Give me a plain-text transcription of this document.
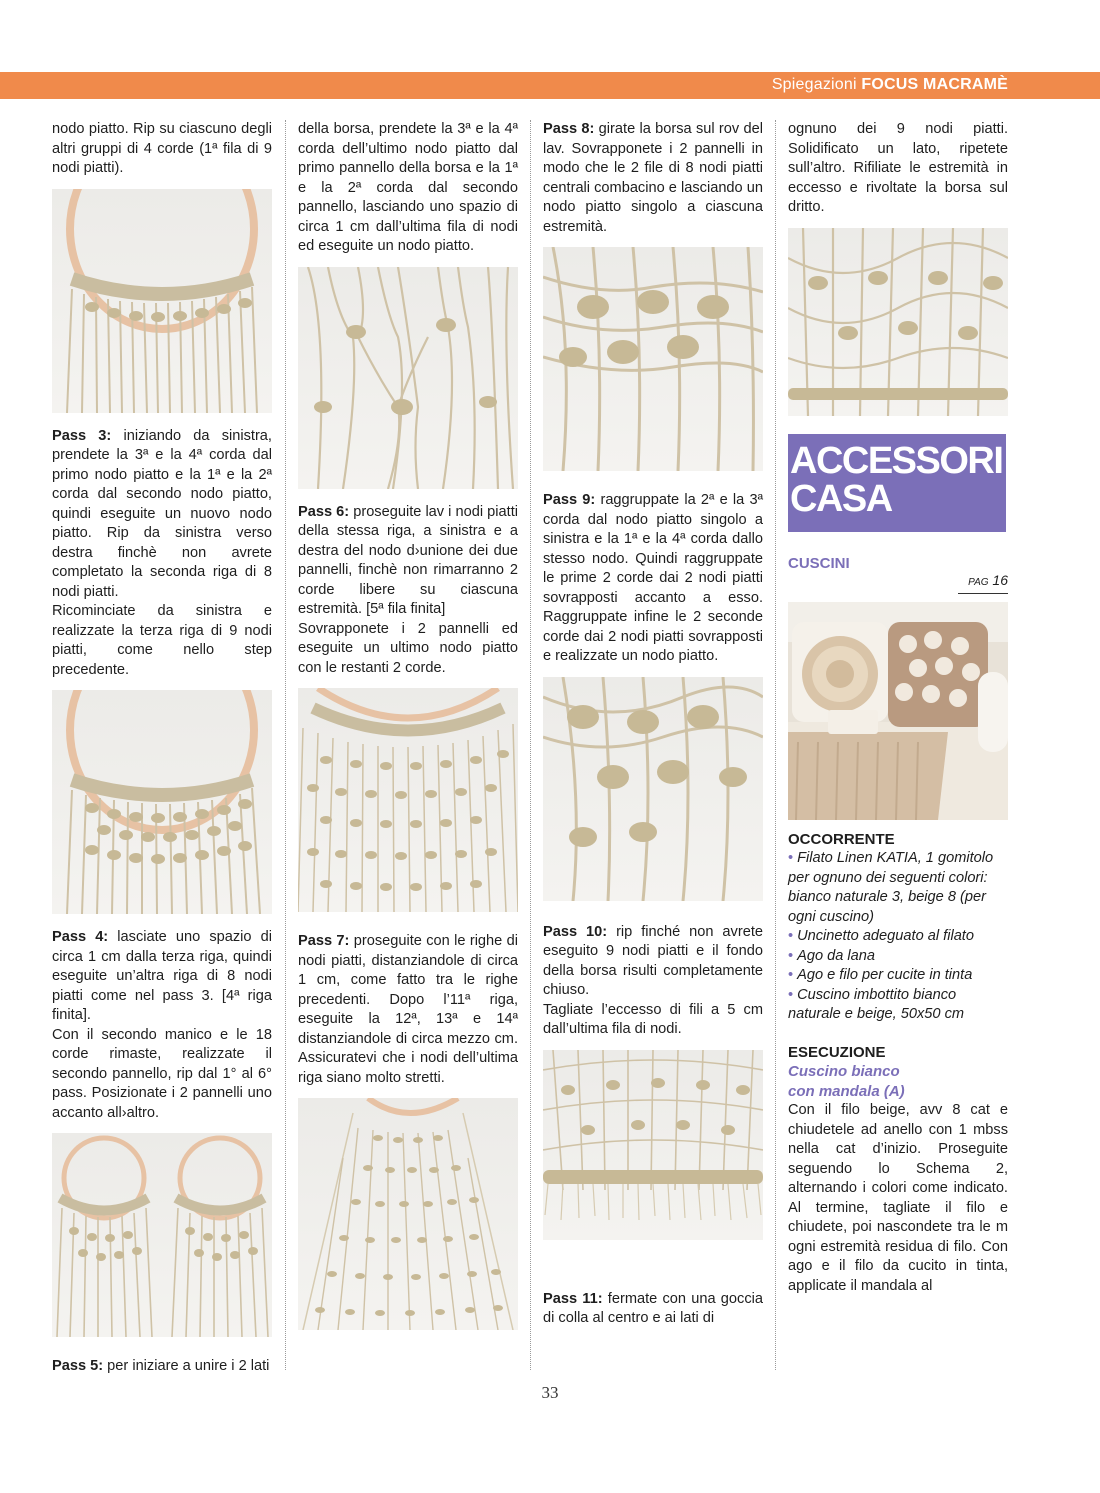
Spiegazioni FOCUS MACRAMÈ

nodo piatto. Rip su ciascuno degli altri gruppi di 4 corde (1ª fila di 9 nodi piatti).

Pass 3: iniziando da sinistra, prendete la 3ª e la 4ª corda dal primo nodo piatto e la 1ª e la 2ª corda dal secondo nodo piatto, quindi eseguite un nuovo nodo piatto. Rip da sinistra verso destra finchè non avrete completato la seconda riga di 8 nodi piatti.

Ricominciate da sinistra e realizzate la terza riga di 9 nodi piatti, come nello step precedente.

Pass 4: lasciate uno spazio di circa 1 cm dalla terza riga, quindi eseguite un’altra riga di 8 nodi piatti come nel pass 3. [4ª riga finita].

Con il secondo manico e le 18 corde rimaste, realizzate il secondo pannello, rip dal 1° al 6° pass. Posizionate i 2 pannelli uno accanto all›altro.

Pass 5: per iniziare a unire i 2 lati

della borsa, prendete la 3ª e la 4ª corda dell’ultimo nodo piatto dal primo pannello della borsa e la 1ª e la 2ª corda dal secondo pannello, lasciando uno spazio di circa 1 cm dall’ultima fila di nodi ed eseguite un nodo piatto.

Pass 6: proseguite lav i nodi piatti della stessa riga, a sinistra e a destra del nodo d›unione dei due pannelli, finchè non rimarranno 2 corde libere su ciascuna estremità. [5ª fila finita]

Sovrapponete i 2 pannelli ed eseguite un ultimo nodo piatto con le restanti 2 corde.

Pass 7: proseguite con le righe di nodi piatti, distanziandole di circa 1 cm, come fatto tra le righe precedenti. Dopo l’11ª riga, eseguite la 12ª, 13ª e 14ª distanziandole di circa mezzo cm. Assicuratevi che i nodi dell’ultima riga siano molto stretti.

Pass 8: girate la borsa sul rov del lav. Sovrapponete i 2 pannelli in modo che le 2 file di 8 nodi piatti centrali combacino e lasciando un nodo piatto singolo a ciascuna estremità.

Pass 9: raggruppate la 2ª e la 3ª corda dal nodo piatto singolo a sinistra e la 1ª e la 4ª corda dallo stesso nodo. Quindi raggruppate le prime 2 corde dai 2 nodi piatti sovrapposti accanto a esso. Raggruppate infine le 2 seconde corde dai 2 nodi piatti sovrapposti e realizzate un nodo piatto.

Pass 10: rip finché non avrete eseguito 9 nodi piatti e il fondo della borsa risulti completamente chiuso.

Tagliate l’eccesso di fili a 5 cm dall’ultima fila di nodi.

Pass 11: fermate con una goccia di colla al centro e ai lati di

ognuno dei 9 nodi piatti. Solidificato un lato, ripetete sull’altro. Rifiliate le estremità in eccesso e rivoltate la borsa sul dritto.

ACCESSORI
CASA
CUSCINI
PAG 16
OCCORRENTE
• Filato Linen KATIA, 1 gomitolo per ognuno dei seguenti colori: bianco naturale 3, beige 8 (per ogni cuscino)
• Uncinetto adeguato al filato
• Ago da lana
• Ago e filo per cucite in tinta
• Cuscino imbottito bianco naturale e beige, 50x50 cm
ESECUZIONE
Cuscino bianco
con mandala (A)

Con il filo beige, avv 8 cat e chiudetele ad anello con 1 mbss nella cat d’inizio. Proseguite seguendo lo Schema 2, alternando i colori come indicato. Al termine, tagliate il filo e chiudete, poi nascondete tra le m ogni estremità residua di filo. Con ago e il filo da cucito in tinta, applicate il mandala al

33
